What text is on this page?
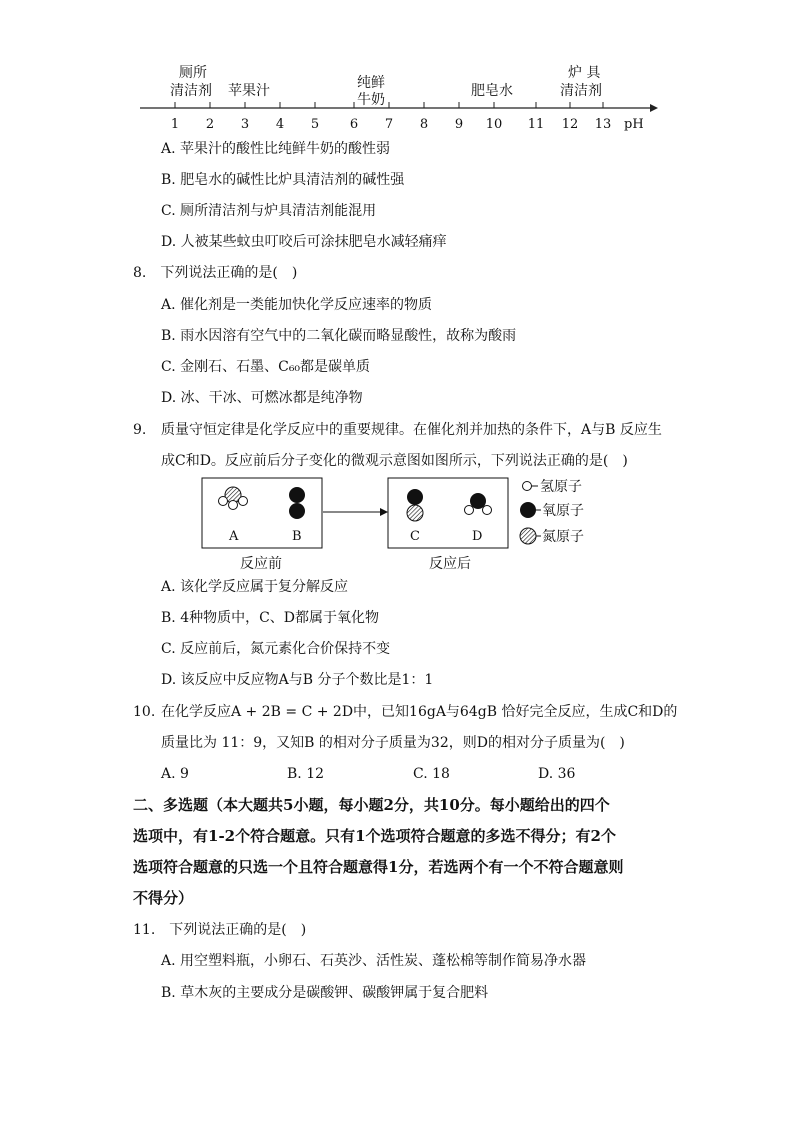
1 2 3 4 5 6 7 8 9 10 11 12 13 pH
厕所
清洁剂 苹果汁	纯鲜
牛奶
肥皂水
炉 具
清洁剂
A. 苹果汁的酸性比纯鲜牛奶的酸性弱
B. 肥皂水的碱性比炉具清洁剂的碱性强
C. 厕所清洁剂与炉具清洁剂能混用
D. 人被某些蚊虫叮咬后可涂抹肥皂水减轻痛痒
8.　下列说法正确的是(　)
A. 催化剂是一类能加快化学反应速率的物质
B. 雨水因溶有空气中的二氧化碳而略显酸性，故称为酸雨
C. 金刚石、石墨、C₆₀都是碳单质
D. 冰、干冰、可燃冰都是纯净物
9. 质量守恒定律是化学反应中的重要规律。在催化剂并加热的条件下，A与B 反应生
成C和D。反应前后分子变化的微观示意图如图所示，下列说法正确的是(　)
A	B	C	D
氢原子
氧原子
氮原子
反应前	反应后
A. 该化学反应属于复分解反应
B. 4种物质中，C、D都属于氧化物
C. 反应前后，氮元素化合价保持不变
D. 该反应中反应物A与B 分子个数比是1：1
10. 在化学反应A + 2B = C + 2D中，已知16gA与64gB 恰好完全反应，生成C和D的
质量比为 11：9，又知B 的相对分子质量为32，则D的相对分子质量为(　)
A. 9	B. 12	C. 18	D. 36
二、多选题（本大题共5小题，每小题2分，共10分。每小题给出的四个
选项中，有1-2个符合题意。只有1个选项符合题意的多选不得分；有2个
选项符合题意的只选一个且符合题意得1分，若选两个有一个不符合题意则
不得分）
11.　下列说法正确的是(　)
A. 用空塑料瓶，小卵石、石英沙、活性炭、蓬松棉等制作简易净水器
B. 草木灰的主要成分是碳酸钾、碳酸钾属于复合肥料
